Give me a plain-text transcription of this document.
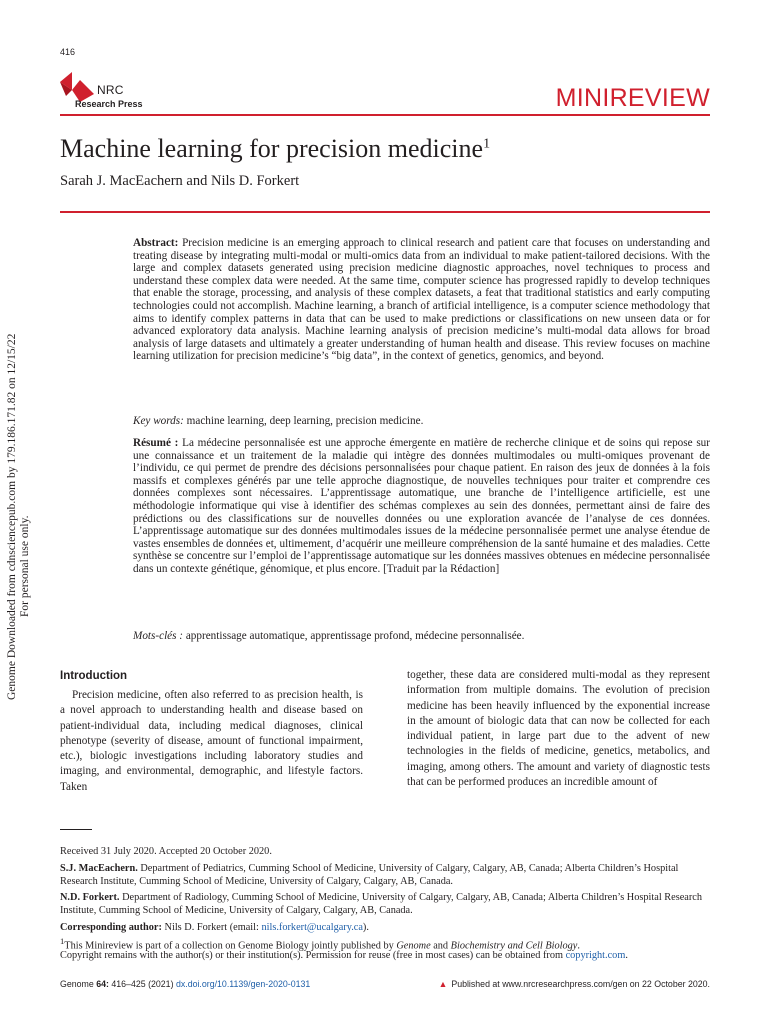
416
NRC
Research Press	MINIREVIEW
Machine learning for precision medicine$^1$
Sarah J. MacEachern and Nils D. Forkert
Abstract: Precision medicine is an emerging approach to clinical research and patient care that focuses on understanding and treating disease by integrating multi-modal or multi-omics data from an individual to make patient-tailored decisions. With the large and complex datasets generated using precision medicine diagnostic approaches, novel techniques to process and understand these complex data were needed. At the same time, computer science has progressed rapidly to develop techniques that enable the storage, processing, and analysis of these complex datasets, a feat that traditional statistics and early computing technologies could not accomplish. Machine learning, a branch of artificial intelligence, is a computer science methodology that aims to identify complex patterns in data that can be used to make predictions or classifications on new unseen data or for advanced exploratory data analysis. Machine learning analysis of precision medicine’s multi-modal data allows for broad analysis of large datasets and ultimately a greater understanding of human health and disease. This review focuses on machine learning utilization for precision medicine’s “big data”, in the context of genetics, genomics, and beyond.
Key words: machine learning, deep learning, precision medicine.
Résumé : La médecine personnalisée est une approche émergente en matière de recherche clinique et de soins qui repose sur une connaissance et un traitement de la maladie qui intègre des données multimodales ou multi-omiques provenant de l’individu, ce qui permet de prendre des décisions personnalisées pour chaque patient. En raison des jeux de données à la fois massifs et complexes générés par une telle approche diagnostique, de nouvelles techniques pour traiter et comprendre ces données complexes sont nécessaires. L’apprentissage automatique, une branche de l’intelligence artificielle, est une méthodologie informatique qui vise à identifier des schémas complexes au sein des données, permettant ainsi de faire des prédictions ou des classifications sur de nouvelles données ou une exploration avancée de l’analyse de ces données. L’apprentissage automatique sur des données multimodales issues de la médecine personnalisée permet une analyse étendue de vastes ensembles de données et, ultimement, d’acquérir une meilleure compréhension de la santé humaine et des maladies. Cette synthèse se concentre sur l’emploi de l’apprentissage automatique sur les données massives obtenues en médecine personnalisée dans un contexte génétique, génomique, et plus encore. [Traduit par la Rédaction]
Mots-clés : apprentissage automatique, apprentissage profond, médecine personnalisée.
Genome Downloaded from cdnsciencepub.com by 179.186.171.82 on 12/15/22 For personal use only.
Introduction
Precision medicine, often also referred to as precision health, is a novel approach to understanding health and disease based on patient-individual data, including medical diagnoses, clinical phenotype (severity of disease, amount of functional impairment, etc.), biologic investigations including laboratory studies and imaging, and environmental, demographic, and lifestyle factors. Taken
together, these data are considered multi-modal as they represent information from multiple domains. The evolution of precision medicine has been heavily influenced by the exponential increase in the amount of biologic data that can now be collected for each individual patient, in large part due to the advent of new technologies in the fields of medicine, genetics, metabolics, and imaging, among others. The amount and variety of diagnostic tests that can be performed produces an incredible amount of
Received 31 July 2020. Accepted 20 October 2020.
S.J. MacEachern. Department of Pediatrics, Cumming School of Medicine, University of Calgary, Calgary, AB, Canada; Alberta Children’s Hospital Research Institute, Cumming School of Medicine, University of Calgary, Calgary, AB, Canada.
N.D. Forkert. Department of Radiology, Cumming School of Medicine, University of Calgary, Calgary, AB, Canada; Alberta Children’s Hospital Research Institute, Cumming School of Medicine, University of Calgary, Calgary, AB, Canada.
Corresponding author: Nils D. Forkert (email: nils.forkert@ucalgary.ca).
$^1$This Minireview is part of a collection on Genome Biology jointly published by Genome and Biochemistry and Cell Biology.
Copyright remains with the author(s) or their institution(s). Permission for reuse (free in most cases) can be obtained from copyright.com.
Genome 64: 416–425 (2021) dx.doi.org/10.1139/gen-2020-0131	▲ Published at www.nrcresearchpress.com/gen on 22 October 2020.
